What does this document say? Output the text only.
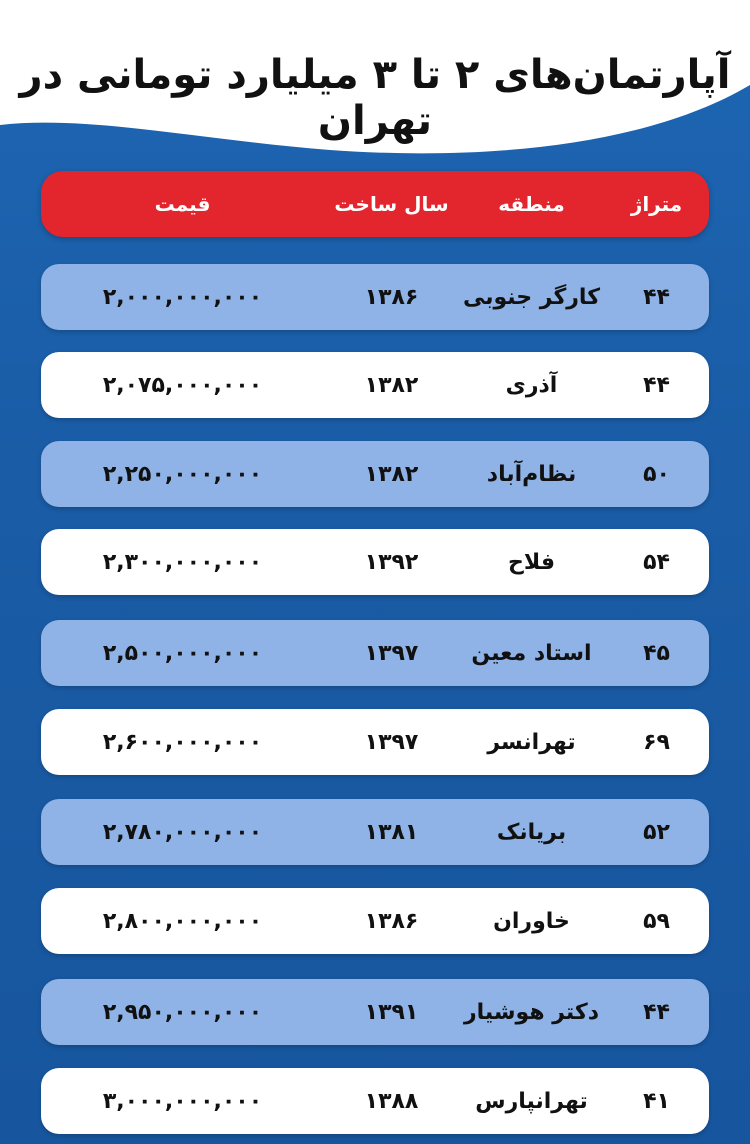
آپارتمان‌های ۲ تا ۳ میلیارد تومانی در تهران
متراژ
منطقه
سال ساخت
قیمت
۴۴
کارگر جنوبی
۱۳۸۶
۲,۰۰۰,۰۰۰,۰۰۰
۴۴
آذری
۱۳۸۲
۲,۰۷۵,۰۰۰,۰۰۰
۵۰
نظام‌آباد
۱۳۸۲
۲,۲۵۰,۰۰۰,۰۰۰
۵۴
فلاح
۱۳۹۲
۲,۳۰۰,۰۰۰,۰۰۰
۴۵
استاد معین
۱۳۹۷
۲,۵۰۰,۰۰۰,۰۰۰
۶۹
تهرانسر
۱۳۹۷
۲,۶۰۰,۰۰۰,۰۰۰
۵۲
بریانک
۱۳۸۱
۲,۷۸۰,۰۰۰,۰۰۰
۵۹
خاوران
۱۳۸۶
۲,۸۰۰,۰۰۰,۰۰۰
۴۴
دکتر هوشیار
۱۳۹۱
۲,۹۵۰,۰۰۰,۰۰۰
۴۱
تهرانپارس
۱۳۸۸
۳,۰۰۰,۰۰۰,۰۰۰
